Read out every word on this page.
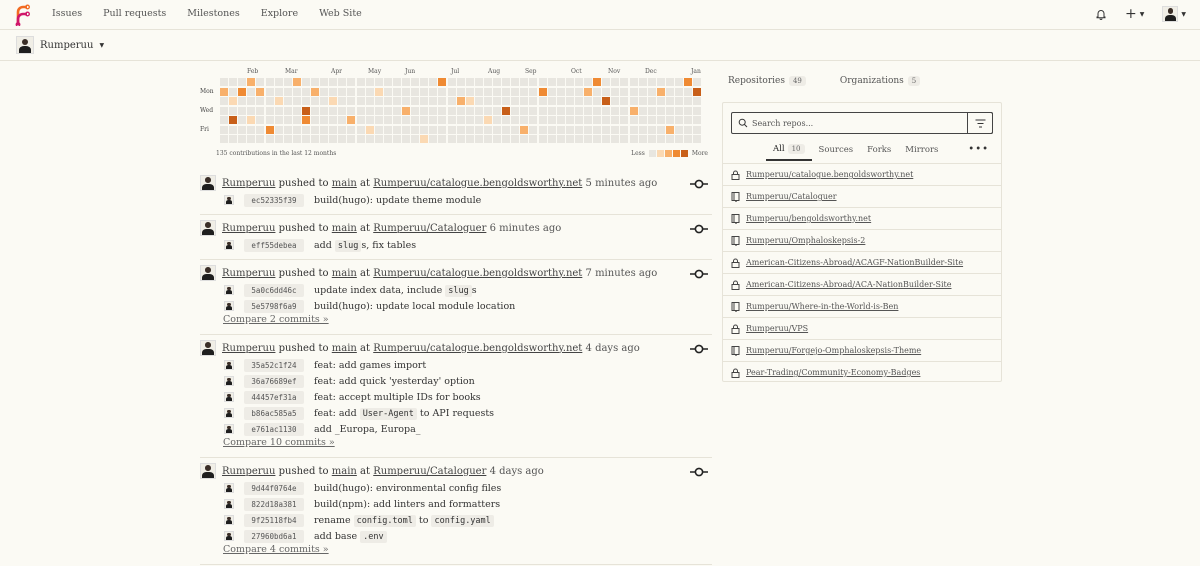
Issues Pull requests Milestones Explore Web Site	+ ▼	▼
Rumperuu ▼
Feb	Mar	Apr	May	Jun	Jul	Aug	Sep	Oct	Nov	Dec	Jan
Mon
Wed
Fri
135 contributions in the last 12 months	Less	More
Rumperuu pushed to main at Rumperuu/catalogue.bengoldsworthy.net 5 minutes ago
ec52335f39	build(hugo): update theme module
Rumperuu pushed to main at Rumperuu/Cataloguer 6 minutes ago
eff55debea	add slug s, fix tables
Rumperuu pushed to main at Rumperuu/catalogue.bengoldsworthy.net 7 minutes ago
5a0c6dd46c	update index data, include slug s
5e5798f6a9	build(hugo): update local module location
Compare 2 commits »
Rumperuu pushed to main at Rumperuu/catalogue.bengoldsworthy.net 4 days ago
35a52c1f24	feat: add games import
36a76689ef	feat: add quick 'yesterday' option
44457ef31a	feat: accept multiple IDs for books
b86ac585a5	feat: add User-Agent to API requests
e761ac1130	add _Europa, Europa_
Compare 10 commits »
Rumperuu pushed to main at Rumperuu/Cataloguer 4 days ago
9d44f0764e	build(hugo): environmental config files
822d18a381	build(npm): add linters and formatters
9f25118fb4	rename config.toml to config.yaml
27960bd6a1	add base .env
Compare 4 commits »
Repositories	49	Organizations	5
Search repos...
All	10	Sources Forks Mirrors	•••
Rumperuu/catalogue.bengoldsworthy.net
Rumperuu/Cataloguer
Rumperuu/bengoldsworthy.net
Rumperuu/Omphaloskepsis-2
American-Citizens-Abroad/ACAGF-NationBuilder-Site
American-Citizens-Abroad/ACA-NationBuilder-Site
Rumperuu/Where-in-the-World-is-Ben
Rumperuu/VPS
Rumperuu/Forgejo-Omphaloskepsis-Theme
Pear-Trading/Community-Economy-Badges
